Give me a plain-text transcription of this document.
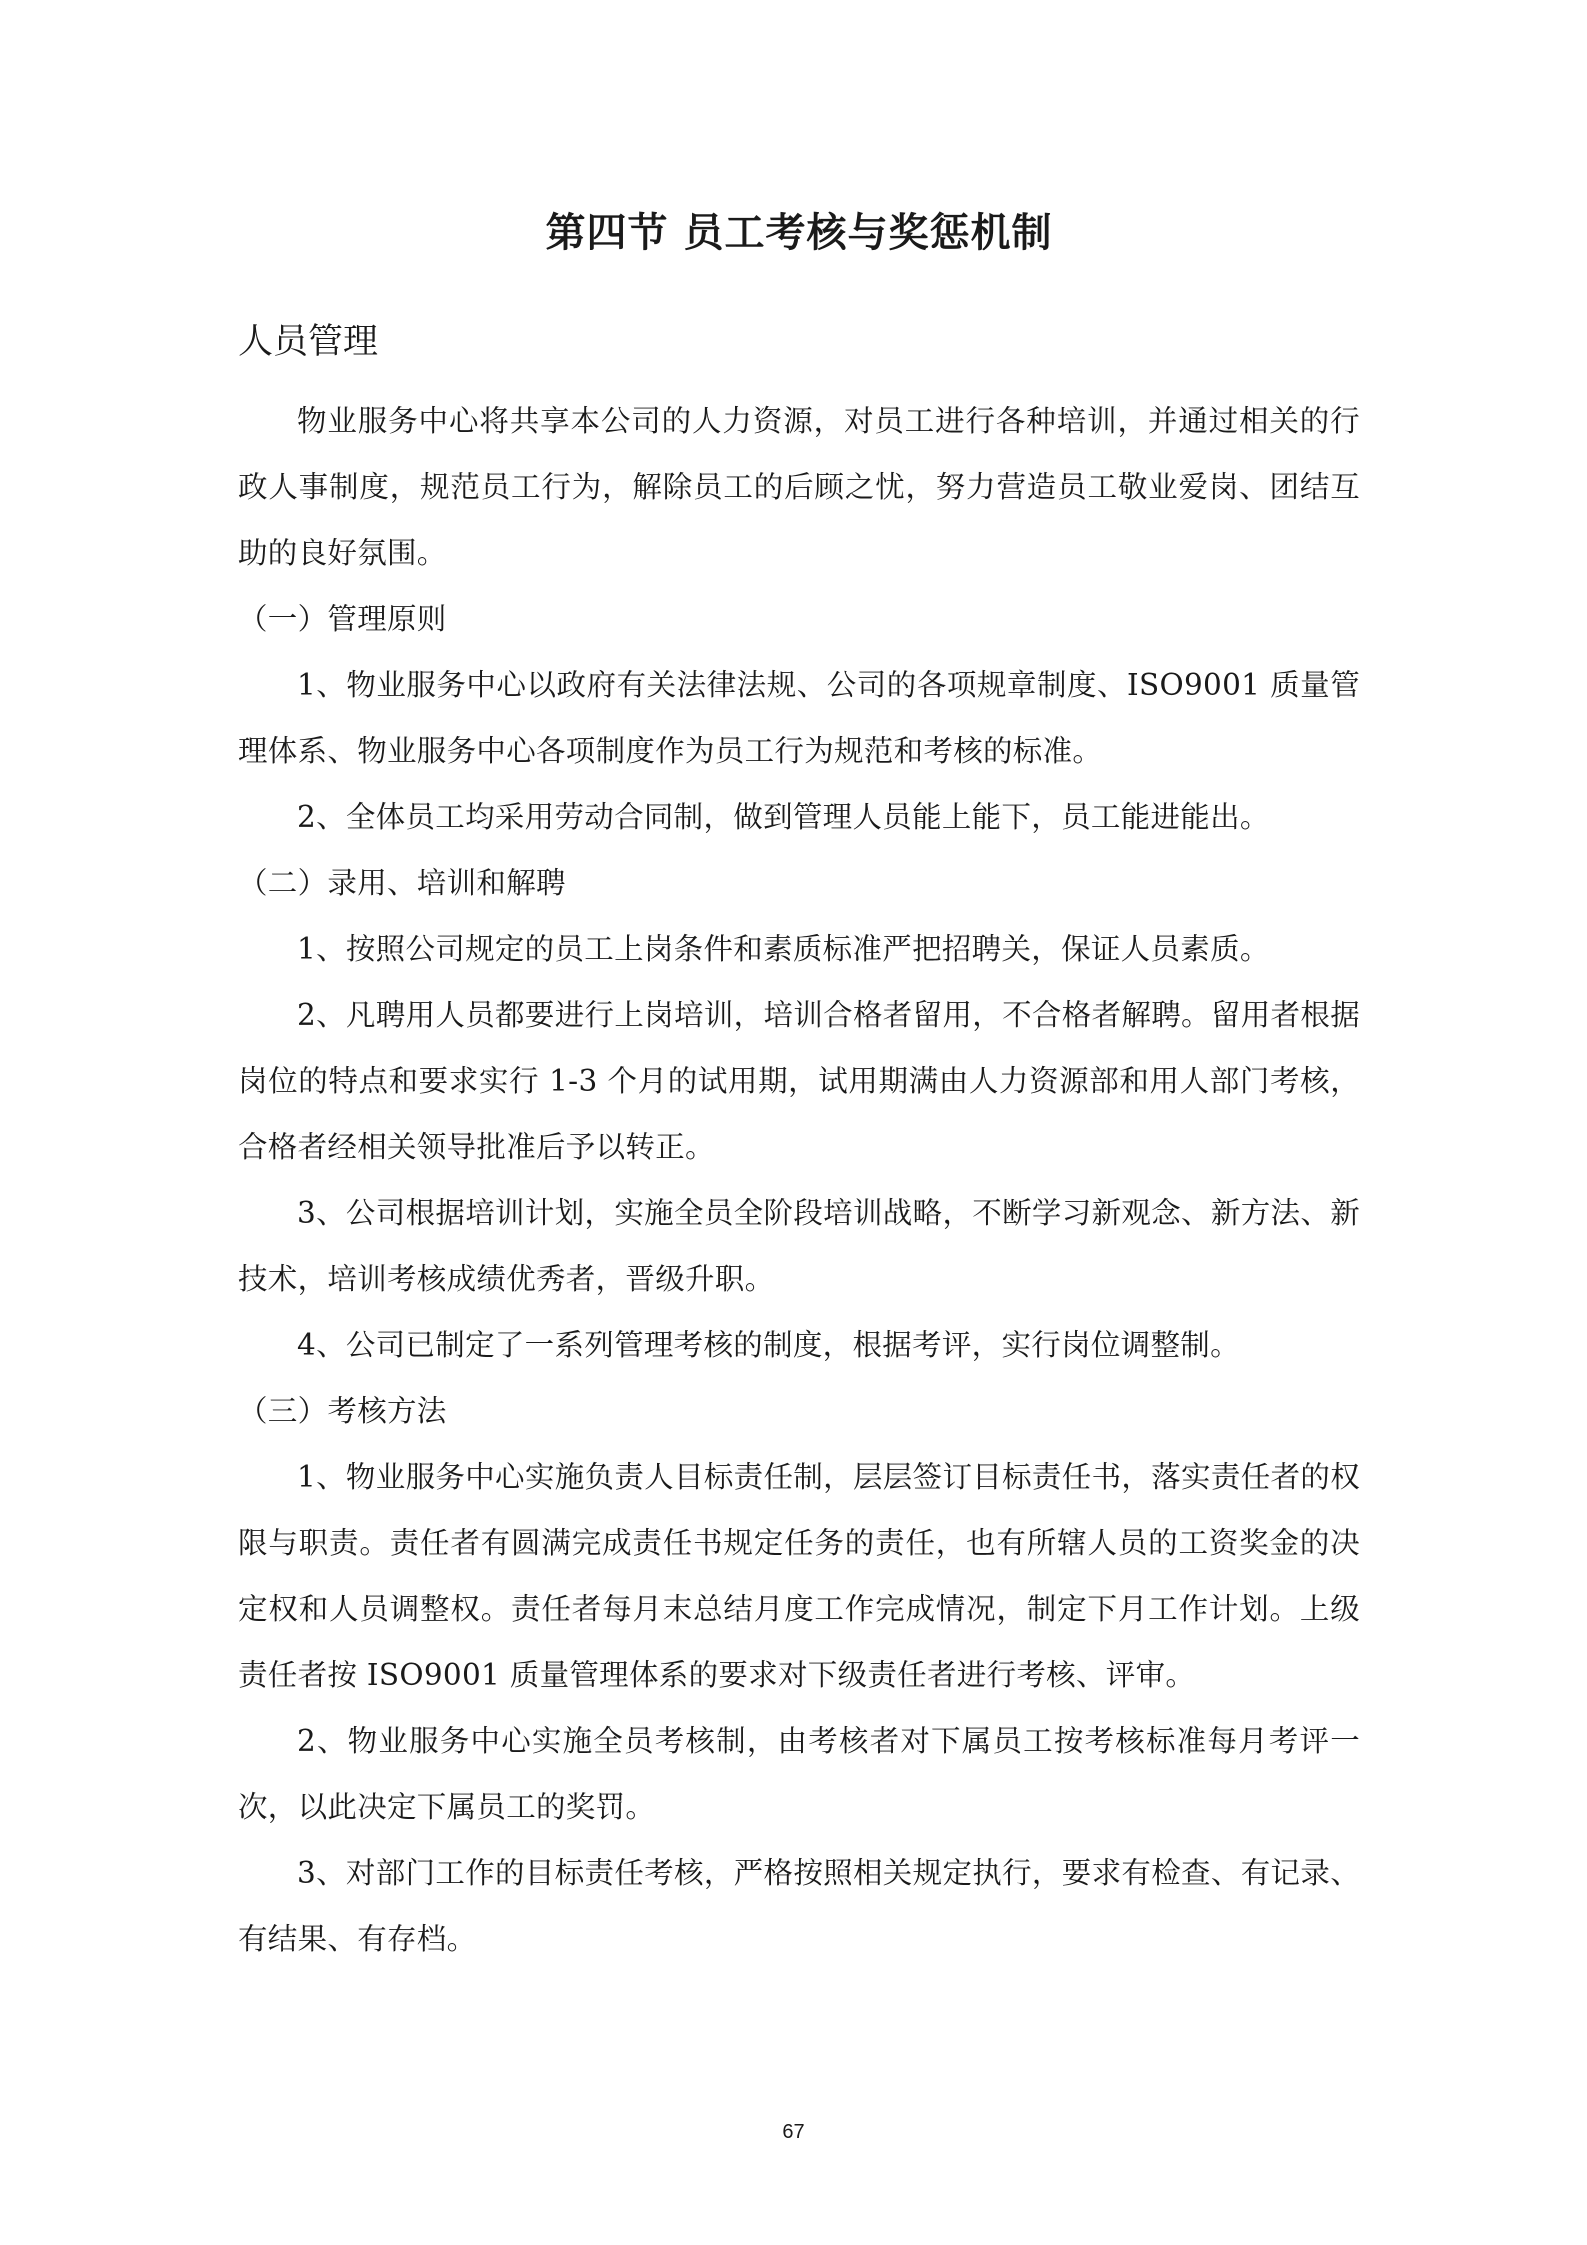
第四节 员工考核与奖惩机制
人员管理

物业服务中心将共享本公司的人力资源，对员工进行各种培训，并通过相关的行政人事制度，规范员工行为，解除员工的后顾之忧，努力营造员工敬业爱岗、团结互助的良好氛围。

（一）管理原则

1、物业服务中心以政府有关法律法规、公司的各项规章制度、ISO9001 质量管理体系、物业服务中心各项制度作为员工行为规范和考核的标准。

2、全体员工均采用劳动合同制，做到管理人员能上能下，员工能进能出。

（二）录用、培训和解聘

1、按照公司规定的员工上岗条件和素质标准严把招聘关，保证人员素质。

2、凡聘用人员都要进行上岗培训，培训合格者留用，不合格者解聘。留用者根据岗位的特点和要求实行 1-3 个月的试用期，试用期满由人力资源部和用人部门考核，合格者经相关领导批准后予以转正。

3、公司根据培训计划，实施全员全阶段培训战略，不断学习新观念、新方法、新技术，培训考核成绩优秀者，晋级升职。

4、公司已制定了一系列管理考核的制度，根据考评，实行岗位调整制。

（三）考核方法

1、物业服务中心实施负责人目标责任制，层层签订目标责任书，落实责任者的权限与职责。责任者有圆满完成责任书规定任务的责任，也有所辖人员的工资奖金的决定权和人员调整权。责任者每月末总结月度工作完成情况，制定下月工作计划。上级责任者按 ISO9001 质量管理体系的要求对下级责任者进行考核、评审。

2、物业服务中心实施全员考核制，由考核者对下属员工按考核标准每月考评一次，以此决定下属员工的奖罚。

3、对部门工作的目标责任考核，严格按照相关规定执行，要求有检查、有记录、有结果、有存档。

67
